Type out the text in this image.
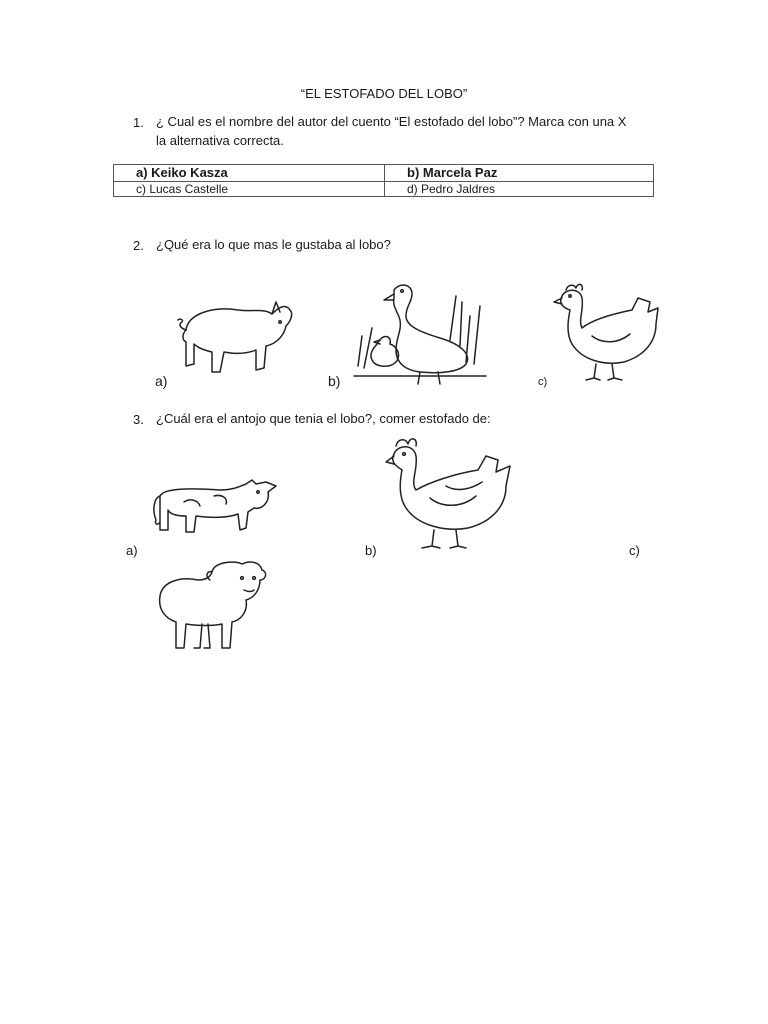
“EL ESTOFADO DEL LOBO”
1. ¿ Cual es el nombre del autor del cuento “El estofado del lobo”? Marca con una X
la alternativa correcta.
a) Keiko Kasza	b) Marcela Paz
c) Lucas Castelle	d) Pedro Jaldres
2. ¿Qué era lo que mas le gustaba al lobo?
a)	b)	c)
3. ¿Cuál era el antojo que tenia el lobo?, comer estofado de:
a)	b)	c)
